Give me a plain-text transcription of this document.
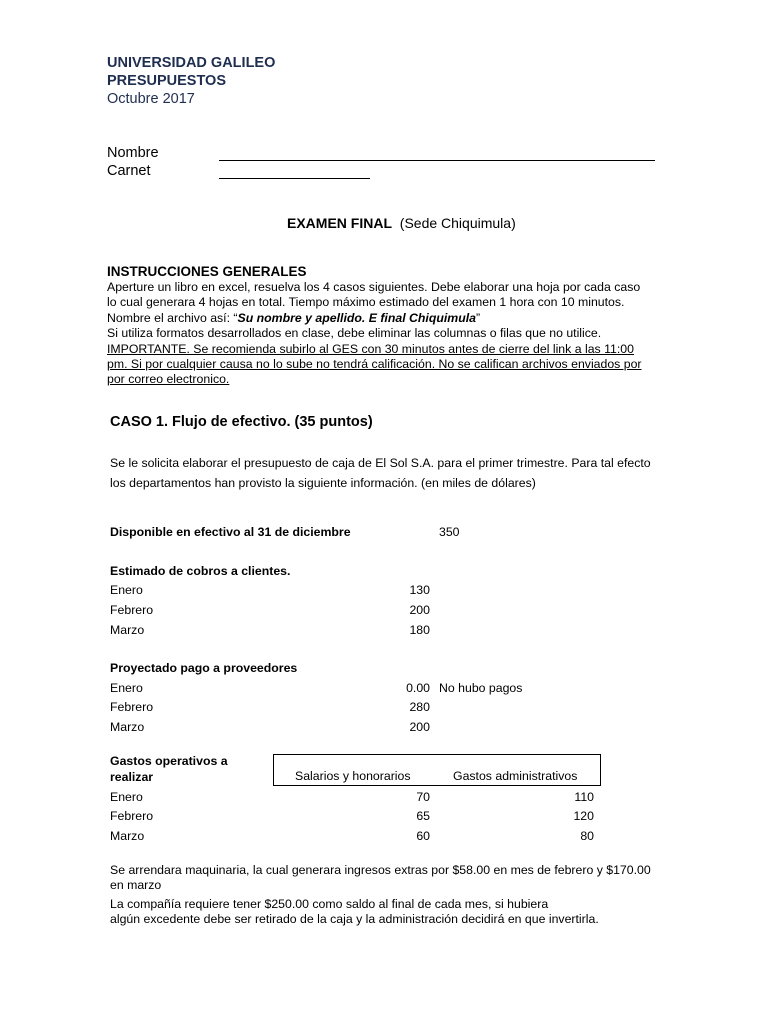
UNIVERSIDAD GALILEO
PRESUPUESTOS
Octubre 2017
Nombre
Carnet
EXAMEN FINAL (Sede Chiquimula)
INSTRUCCIONES GENERALES
Aperture un libro en excel, resuelva los 4 casos siguientes. Debe elaborar una hoja por cada caso
lo cual generara 4 hojas en total. Tiempo máximo estimado del examen 1 hora con 10 minutos.
Nombre el archivo así: “Su nombre y apellido. E final Chiquimula”
Si utiliza formatos desarrollados en clase, debe eliminar las columnas o filas que no utilice.
IMPORTANTE. Se recomienda subirlo al GES con 30 minutos antes de cierre del link a las 11:00
pm. Si por cualquier causa no lo sube no tendrá calificación. No se califican archivos enviados por
por correo electronico.
CASO 1. Flujo de efectivo. (35 puntos)
Se le solicita elaborar el presupuesto de caja de El Sol S.A. para el primer trimestre. Para tal efecto
los departamentos han provisto la siguiente información. (en miles de dólares)
Disponible en efectivo al 31 de diciembre	350
Estimado de cobros a clientes.
Enero	130
Febrero	200
Marzo	180
Proyectado pago a proveedores
Enero	0.00 No hubo pagos
Febrero	280
Marzo	200
Gastos operativos a
realizar	Salarios y honorarios	Gastos administrativos
Enero	70	110
Febrero	65	120
Marzo	60	80
Se arrendara maquinaria, la cual generara ingresos extras por $58.00 en mes de febrero y $170.00
en marzo
La compañía requiere tener $250.00 como saldo al final de cada mes, si hubiera
algún excedente debe ser retirado de la caja y la administración decidirá en que invertirla.
